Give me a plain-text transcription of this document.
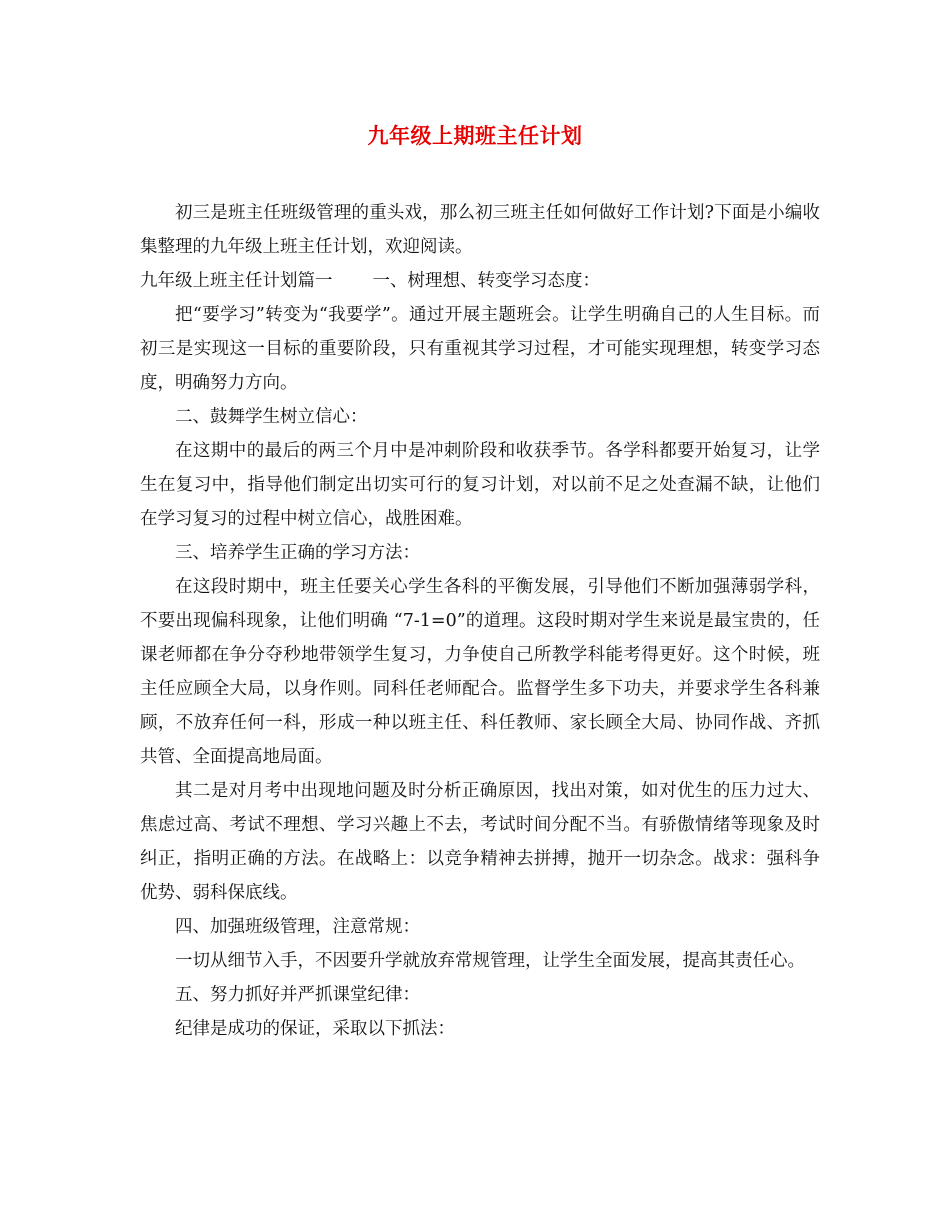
九年级上期班主任计划

初三是班主任班级管理的重头戏，那么初三班主任如何做好工作计划?下面是小编收集整理的九年级上班主任计划，欢迎阅读。

九年级上班主任计划篇一 一、树理想、转变学习态度：

把“要学习”转变为“我要学”。通过开展主题班会。让学生明确自己的人生目标。而初三是实现这一目标的重要阶段，只有重视其学习过程，才可能实现理想，转变学习态度，明确努力方向。

二、鼓舞学生树立信心：

在这期中的最后的两三个月中是冲刺阶段和收获季节。各学科都要开始复习，让学生在复习中，指导他们制定出切实可行的复习计划，对以前不足之处查漏不缺，让他们在学习复习的过程中树立信心，战胜困难。

三、培养学生正确的学习方法：

在这段时期中，班主任要关心学生各科的平衡发展，引导他们不断加强薄弱学科，不要出现偏科现象，让他们明确 “7-1=0”的道理。这段时期对学生来说是最宝贵的，任课老师都在争分夺秒地带领学生复习，力争使自己所教学科能考得更好。这个时候，班主任应顾全大局，以身作则。同科任老师配合。监督学生多下功夫，并要求学生各科兼顾，不放弃任何一科，形成一种以班主任、科任教师、家长顾全大局、协同作战、齐抓共管、全面提高地局面。

其二是对月考中出现地问题及时分析正确原因，找出对策，如对优生的压力过大、焦虑过高、考试不理想、学习兴趣上不去，考试时间分配不当。有骄傲情绪等现象及时纠正，指明正确的方法。在战略上：以竞争精神去拼搏，抛开一切杂念。战求：强科争优势、弱科保底线。

四、加强班级管理，注意常规：

一切从细节入手，不因要升学就放弃常规管理，让学生全面发展，提高其责任心。

五、努力抓好并严抓课堂纪律：

纪律是成功的保证，采取以下抓法：
